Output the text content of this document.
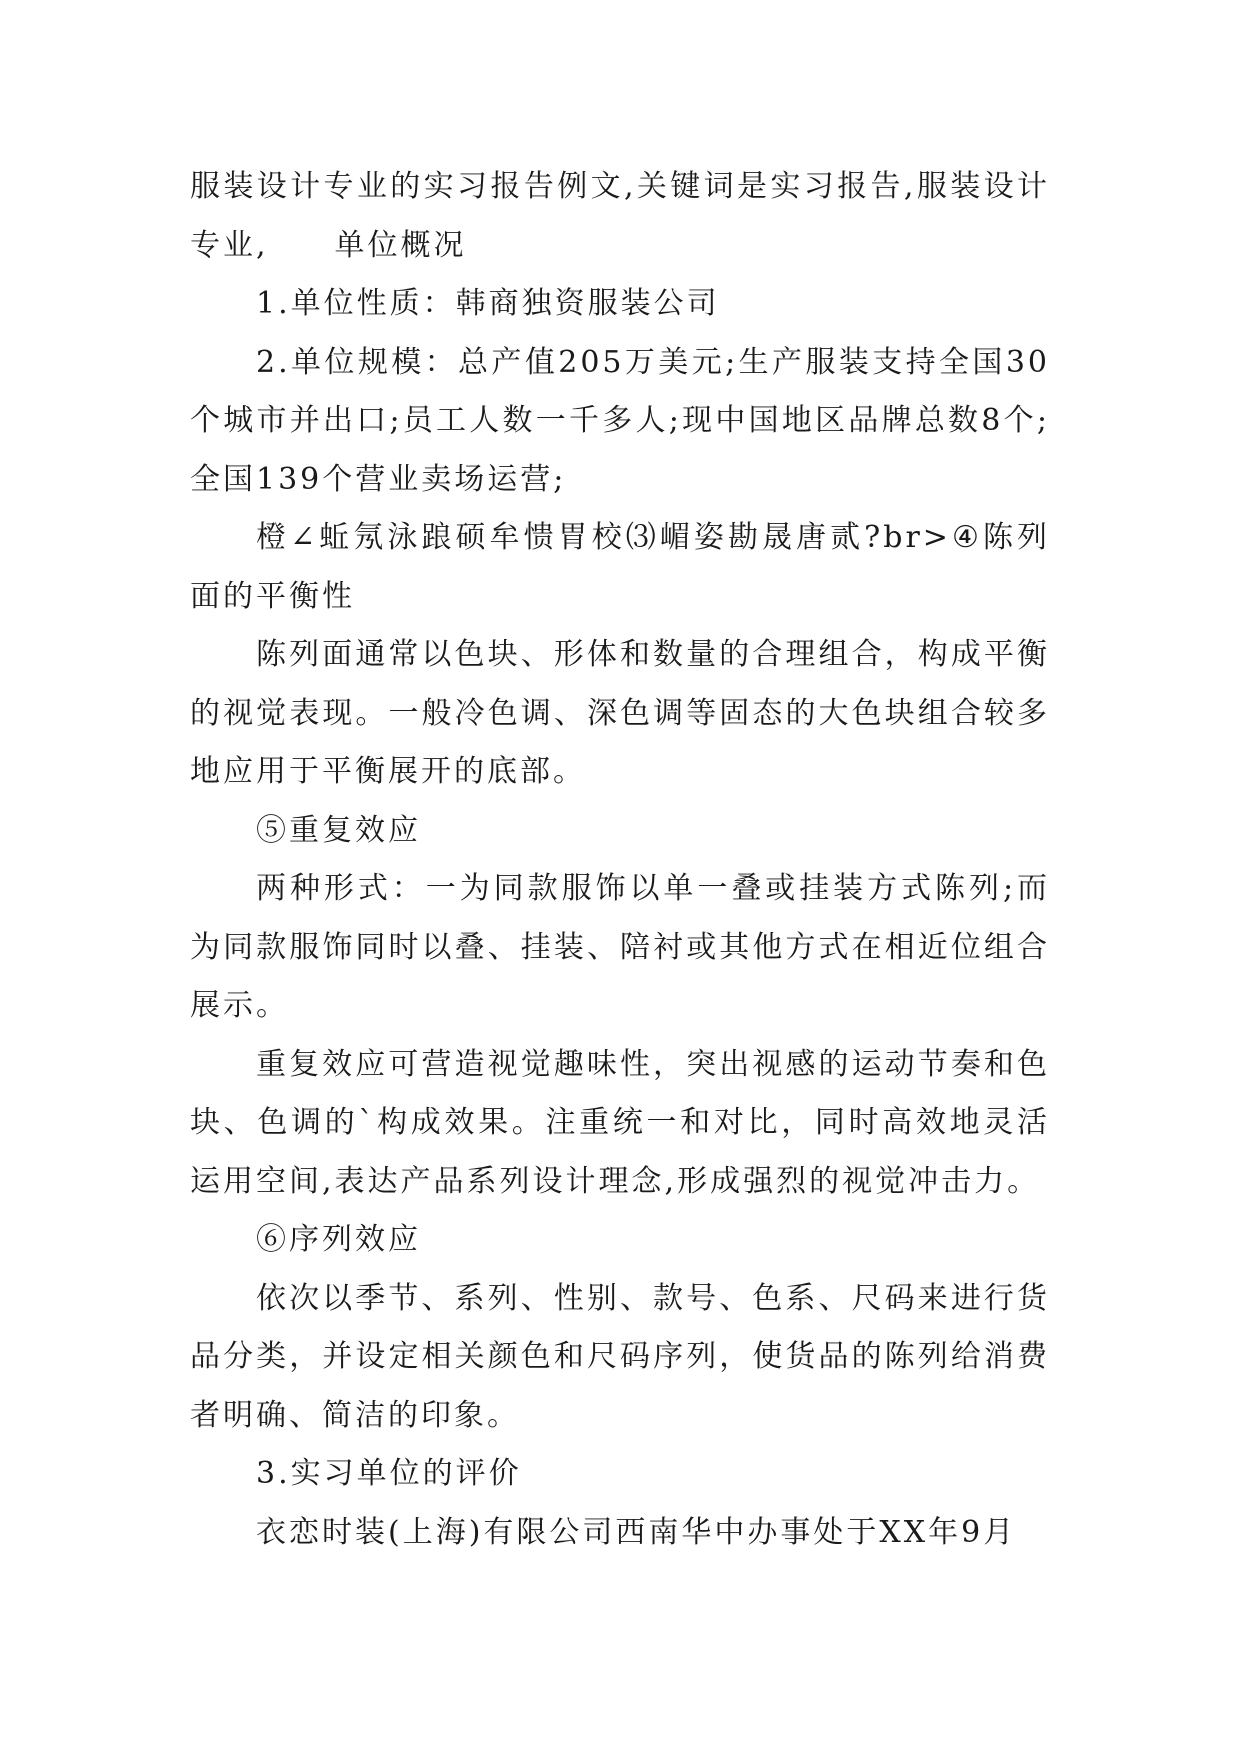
服装设计专业的实习报告例文,关键词是实习报告,服装设计专业,　　单位概况

1.单位性质：韩商独资服装公司

2.单位规模：总产值205万美元;生产服装支持全国30个城市并出口;员工人数一千多人;现中国地区品牌总数8个;全国139个营业卖场运营;

橙∠蚯氖泳踉硕牟愦胃校⑶嵋姿勘晟唐贰?br>④陈列面的平衡性

陈列面通常以色块、形体和数量的合理组合，构成平衡的视觉表现。一般冷色调、深色调等固态的大色块组合较多地应用于平衡展开的底部。

⑤重复效应

两种形式：一为同款服饰以单一叠或挂装方式陈列;而为同款服饰同时以叠、挂装、陪衬或其他方式在相近位组合展示。

重复效应可营造视觉趣味性，突出视感的运动节奏和色块、色调的`构成效果。注重统一和对比，同时高效地灵活运用空间,表达产品系列设计理念,形成强烈的视觉冲击力。

⑥序列效应

依次以季节、系列、性别、款号、色系、尺码来进行货品分类，并设定相关颜色和尺码序列，使货品的陈列给消费者明确、简洁的印象。

3.实习单位的评价

衣恋时装(上海)有限公司西南华中办事处于XX年9月
